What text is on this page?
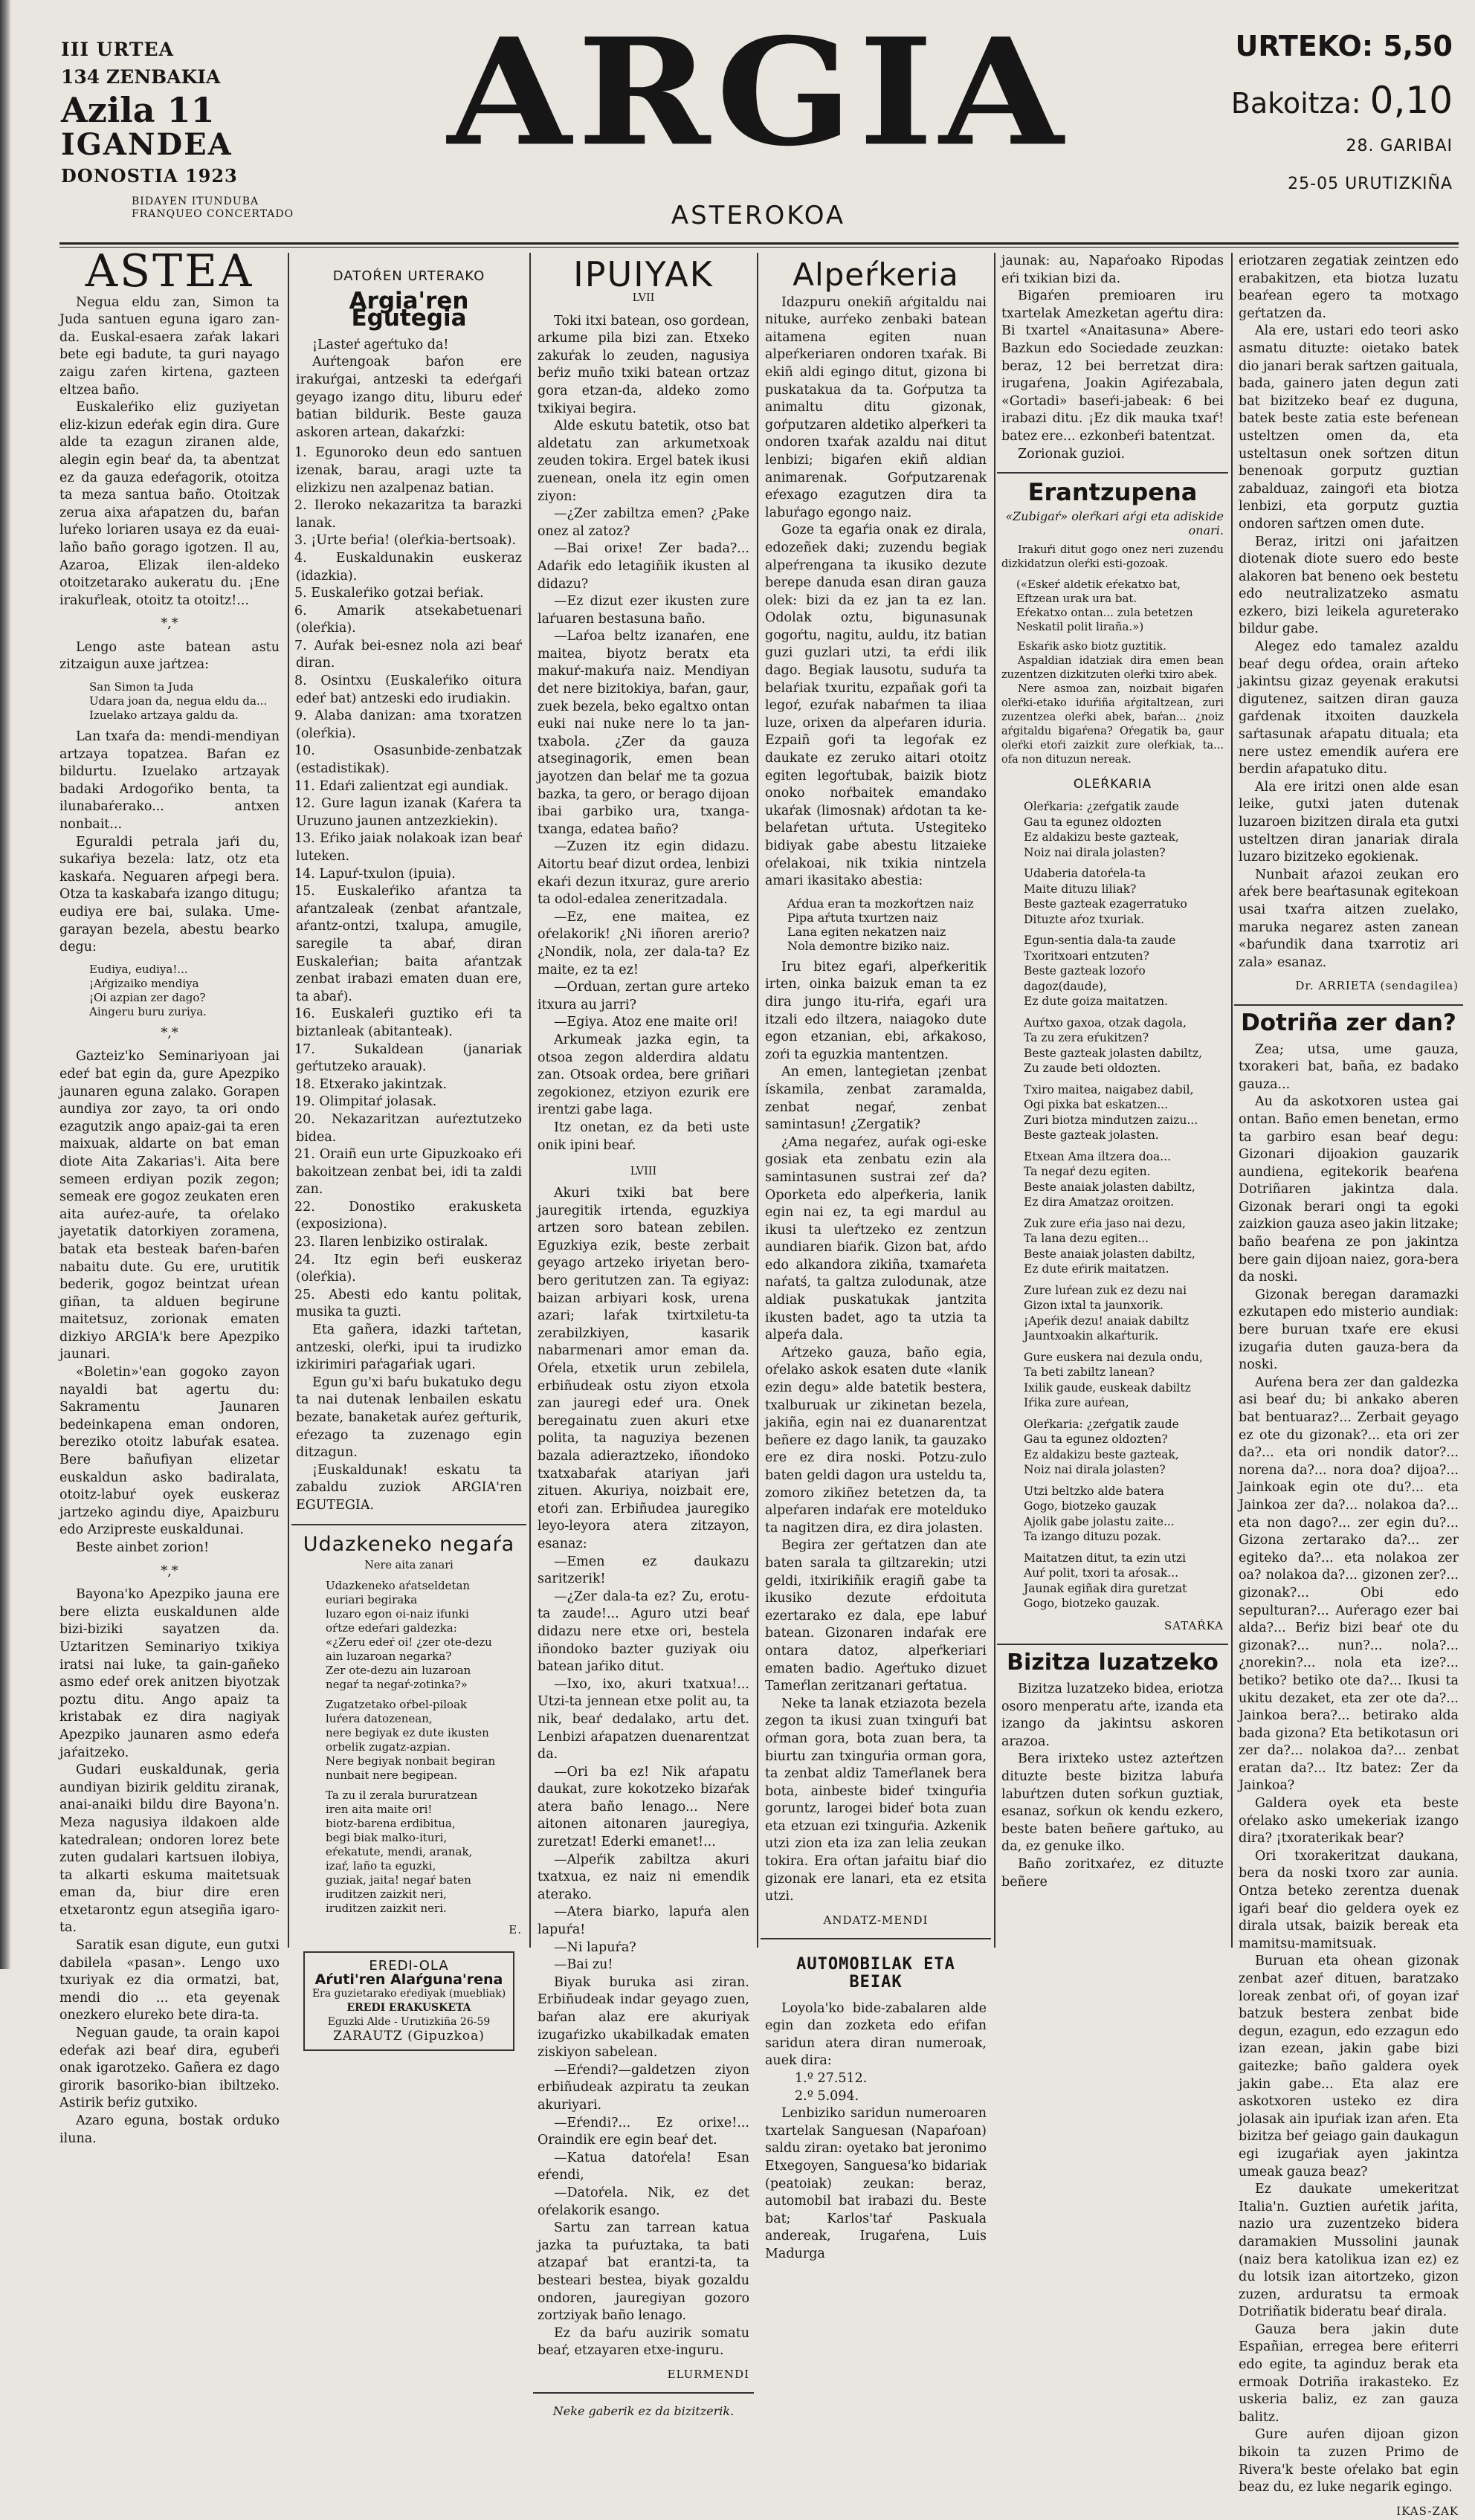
III URTEA
134 ZENBAKIA
Azila 11
IGANDEA
DONOSTIA 1923
BIDAYEN ITUNDUBA
FRANQUEO CONCERTADO
ARGIA
ASTEROKOA
URTEKO: 5,50
Bakoitza: 0,10
28. GARIBAI
25-05 URUTIZKIÑA
ASTEA

Negua eldu zan, Simon ta Juda santuen eguna igaro zan-da. Euskal-esaera zaŕak lakari bete egi badute, ta guri nayago zaigu zaŕen kirtena, gazteen eltzea baño.

Euskaleŕiko eliz guziyetan eliz-kizun edeŕak egin dira. Gure alde ta ezagun ziranen alde, alegin egin beaŕ da, ta abentzat ez da gauza edeŕagorik, otoitza ta meza santua baño. Otoitzak zerua aixa aŕapatzen du, baŕan luŕeko loriaren usaya ez da euai-laño baño gorago igotzen. Il au, Azaroa, Elizak ilen-aldeko otoitzetarako aukeratu du. ¡Ene irakuŕleak, otoitz ta otoitz!...

*,*

Lengo aste batean astu zitzaigun auxe jaŕtzea:

San Simon ta Juda
Udara joan da, negua eldu da...
Izuelako artzaya galdu da.

Lan txaŕa da: mendi-mendiyan artzaya topatzea. Baŕan ez bildurtu. Izuelako artzayak badaki Ardogoŕiko benta, ta ilunabaŕerako... antxen nonbait...

Eguraldi petrala jaŕi du, sukaŕiya bezela: latz, otz eta kaskaŕa. Neguaren aŕpegi bera. Otza ta kaskabaŕa izango ditugu; eudiya ere bai, sulaka. Ume-garayan bezela, abestu bearko degu:

Eudiya, eudiya!...
¡Aŕgizaiko mendiya
¡Oi azpian zer dago?
Aingeru buru zuriya.
*,*

Gazteiz'ko Seminariyoan jai edeŕ bat egin da, gure Apezpiko jaunaren eguna zalako. Gorapen aundiya zor zayo, ta ori ondo ezagutzik ango apaiz-gai ta eren maixuak, aldarte on bat eman diote Aita Zakarias'i. Aita bere semeen erdiyan pozik zegon; semeak ere gogoz zeukaten eren aita auŕez-auŕe, ta oŕelako jayetatik datorkiyen zoramena, batak eta besteak baŕen-baŕen nabaitu dute. Gu ere, urutitik bederik, gogoz beintzat uŕean giñan, ta alduen begirune maitetsuz, zorionak ematen dizkiyo ARGIA'k bere Apezpiko jaunari.

«Boletin»'ean gogoko zayon nayaldi bat agertu du: Sakramentu Jaunaren bedeinkapena eman ondoren, bereziko otoitz labuŕak esatea. Bere bañufiyan elizetar euskaldun asko badiralata, otoitz-labuŕ oyek euskeraz jartzeko agindu diye, Apaizburu edo Arzipreste euskaldunai.

Beste ainbet zorion!

*,*

Bayona'ko Apezpiko jauna ere bere elizta euskaldunen alde bizi-biziki sayatzen da. Uztaritzen Seminariyo txikiya iratsi nai luke, ta gain-gañeko asmo edeŕ orek anitzen biyotzak poztu ditu. Ango apaiz ta kristabak ez dira nagiyak Apezpiko jaunaren asmo edeŕa jaŕaitzeko.

Gudari euskaldunak, geria aundiyan bizirik gelditu ziranak, anai-anaiki bildu dire Bayona'n. Meza nagusiya ildakoen alde katedralean; ondoren lorez bete zuten gudalari kartsuen ilobiya, ta alkarti eskuma maitetsuak eman da, biur dire eren etxetarontz egun atsegiña igaro-ta.

Saratik esan digute, eun gutxi dabilela «pasan». Lengo uxo txuriyak ez dia ormatzi, bat, mendi dio ... eta geyenak onezkero elureko bete dira-ta.

Neguan gaude, ta orain kapoi edeŕak azi beaŕ dira, egubeŕi onak igarotzeko. Gañera ez dago girorik basoriko-bian ibiltzeko. Astirik beŕiz gutxiko.

Azaro eguna, bostak orduko iluna.

DATOŔEN URTERAKO
Argia'ren Egutegia

¡Lasteŕ ageŕtuko da!

Auŕtengoak baŕon ere irakuŕgai, antzeski ta edeŕgaŕi geyago izango ditu, liburu edeŕ batian bildurik. Beste gauza askoren artean, dakaŕzki:

1. Egunoroko deun edo santuen izenak, barau, aragi uzte ta elizkizu nen azalpenaz batian.
2. Ileroko nekazaritza ta barazki lanak.
3. ¡Urte beŕia! (oleŕkia-bertsoak).
4. Euskaldunakin euskeraz (idazkia).
5. Euskaleŕiko gotzai beŕiak.
6. Amarik atsekabetuenari (oleŕkia).
7. Auŕak bei-esnez nola azi beaŕ diran.
8. Osintxu (Euskaleŕiko oitura edeŕ bat) antzeski edo irudiakin.
9. Alaba danizan: ama txoratzen (oleŕkia).
10. Osasunbide-zenbatzak (estadistikak).
11. Edaŕi zalientzat egi aundiak.
12. Gure lagun izanak (Kaŕera ta Uruzuno jaunen antzezkiekin).
13. Eŕiko jaiak nolakoak izan beaŕ luteken.
14. Lapuŕ-txulon (ipuia).
15. Euskaleŕiko aŕantza ta aŕantzaleak (zenbat aŕantzale, aŕantz-ontzi, txalupa, amugile, saregile ta abaŕ, diran Euskaleŕian; baita aŕantzak zenbat irabazi ematen duan ere, ta abaŕ).
16. Euskaleŕi guztiko eŕi ta biztanleak (abitanteak).
17. Sukaldean (janariak geŕtutzeko arauak).
18. Etxerako jakintzak.
19. Olimpitaŕ jolasak.
20. Nekazaritzan auŕeztutzeko bidea.
21. Oraiñ eun urte Gipuzkoako eŕi bakoitzean zenbat bei, idi ta zaldi zan.
22. Donostiko erakusketa (exposiziona).
23. Ilaren lenbiziko ostiralak.
24. Itz egin beŕi euskeraz (oleŕkia).
25. Abesti edo kantu politak, musika ta guzti.

Eta gañera, idazki taŕtetan, antzeski, oleŕki, ipui ta irudizko izkirimiri paŕagaŕiak ugari.

Egun gu'xi baŕu bukatuko degu ta nai dutenak lenbailen eskatu bezate, banaketak auŕez geŕturik, eŕezago ta zuzenago egin ditzagun.

¡Euskaldunak! eskatu ta zabaldu zuziok ARGIA'ren EGUTEGIA.

Udazkeneko negaŕa
Nere aita zanari
Udazkeneko aŕatseldetan
euriari begiraka
luzaro egon oi-naiz ifunki
oŕtze edeŕari galdezka:
«¿Zeru edeŕ oi! ¿zer ote-dezu
ain luzaroan negarka?
Zer ote-dezu ain luzaroan
negaŕ ta negaŕ-zotinka?»

Zugatzetako oŕbel-piloak
luŕera datozenean,
nere begiyak ez dute ikusten
orbelik zugatz-azpian.
Nere begiyak nonbait begiran
nunbait nere begipean.

Ta zu il zerala bururatzean
iren aita maite ori!
biotz-barena erdibitua,
begi biak malko-ituri,
eŕekatute, mendi, aranak,
izaŕ, laño ta eguzki,
guziak, jaita! negaŕ baten
iruditzen zaizkit neri,
iruditzen zaizkit neri.
E.
EREDI-OLA
Aŕuti'ren Alaŕguna'rena
Era guzietarako eŕediyak (muebliak)
EREDI ERAKUSKETA
Eguzki Alde - Urutizkiña 26-59
ZARAUTZ (Gipuzkoa)
IPUIYAK
LVII

Toki itxi batean, oso gordean, arkume pila bizi zan. Etxeko zakuŕak lo zeuden, nagusiya beŕiz muño txiki batean ortzaz gora etzan-da, aldeko zomo txikiyai begira.

Alde eskutu batetik, otso bat aldetatu zan arkumetxoak zeuden tokira. Ergel batek ikusi zuenean, onela itz egin omen ziyon:

—¿Zer zabiltza emen? ¿Pake onez al zatoz?

—Bai orixe! Zer bada?... Adaŕik edo letagiñik ikusten al didazu?

—Ez dizut ezer ikusten zure laŕuaren bestasuna baño.

—Laŕoa beltz izanaŕen, ene maitea, biyotz beratx eta makuŕ-makuŕa naiz. Mendiyan det nere bizitokiya, baŕan, gaur, zuek bezela, beko egaltxo ontan euki nai nuke nere lo ta jan-txabola. ¿Zer da gauza atseginagorik, emen bean jayotzen dan belaŕ me ta gozua bazka, ta gero, or berago dijoan ibai garbiko ura, txanga-txanga, edatea baño?

—Zuzen itz egin didazu. Aitortu beaŕ dizut ordea, lenbizi ekaŕi dezun itxuraz, gure arerio ta odol-edalea zeneritzadala.

—Ez, ene maitea, ez oŕelakorik! ¿Ni iñoren arerio? ¿Nondik, nola, zer dala-ta? Ez maite, ez ta ez!

—Orduan, zertan gure arteko itxura au jarri?

—Egiya. Atoz ene maite ori!

Arkumeak jazka egin, ta otsoa zegon alderdira aldatu zan. Otsoak ordea, bere griñari zegokionez, etziyon ezurik ere irentzi gabe laga.

Itz onetan, ez da beti uste onik ipini beaŕ.

LVIII

Akuri txiki bat bere jauregitik irtenda, eguzkiya artzen soro batean zebilen. Eguzkiya ezik, beste zerbait geyago artzeko iriyetan bero-bero geritutzen zan. Ta egiyaz: baizan arbiyari kosk, urena azari; laŕak txirtxiletu-ta zerabilzkiyen, kasarik nabarmenari amor eman da. Oŕela, etxetik urun zebilela, erbiñudeak ostu ziyon etxola zan jauregi edeŕ ura. Onek beregainatu zuen akuri etxe polita, ta naguziya bezenen bazala adieraztzeko, iñondoko txatxabaŕak atariyan jaŕi zituen. Akuriya, noizbait ere, etoŕi zan. Erbiñudea jauregiko leyo-leyora atera zitzayon, esanaz:

—Emen ez daukazu saritzerik!

—¿Zer dala-ta ez? Zu, erotu-ta zaude!... Aguro utzi beaŕ didazu nere etxe ori, bestela iñondoko bazter guziyak oiu batean jaŕiko ditut.

—Ixo, ixo, akuri txatxua!... Utzi-ta jennean etxe polit au, ta nik, beaŕ dedalako, artu det. Lenbizi aŕapatzen duenarentzat da.

—Ori ba ez! Nik aŕapatu daukat, zure kokotzeko bizaŕak atera baño lenago... Nere aitonen aitonaren jauregiya, zuretzat! Ederki emanet!...

—Alpeŕik zabiltza akuri txatxua, ez naiz ni emendik aterako.

—Atera biarko, lapuŕa alen lapuŕa!

—Ni lapuŕa?

—Bai zu!

Biyak buruka asi ziran. Erbiñudeak indar geyago zuen, baŕan alaz ere akuriyak izugaŕizko ukabilkadak ematen ziskiyon sabelean.

—Eŕendi?—galdetzen ziyon erbiñudeak azpiratu ta zeukan akuriyari.

—Eŕendi?... Ez orixe!... Oraindik ere egin beaŕ det.

—Katua datoŕela! Esan eŕendi,

—Datoŕela. Nik, ez det oŕelakorik esango.

Sartu zan tarrean katua jazka ta puŕuztaka, ta bati atzapaŕ bat erantzi-ta, ta besteari bestea, biyak gozaldu ondoren, jauregiyan gozoro zortziyak baño lenago.

Ez da baŕu auzirik somatu beaŕ, etzayaren etxe-inguru.

ELURMENDI
Neke gaberik ez da bizitzerik.
Alpeŕkeria

Idazpuru onekiñ aŕgitaldu nai nituke, aurŕeko zenbaki batean aitamena egiten nuan alpeŕkeriaren ondoren txaŕak. Bi ekiñ aldi egingo ditut, gizona bi puskatakua da ta. Goŕputza ta animaltu ditu gizonak, goŕputzaren aldetiko alpeŕkeri ta ondoren txaŕak azaldu nai ditut lenbizi; bigaŕen ekiñ aldian animarenak. Goŕputzarenak eŕexago ezagutzen dira ta labuŕago egongo naiz.

Goze ta egaŕia onak ez dirala, edozeñek daki; zuzendu begiak alpeŕrengana ta ikusiko dezute berepe danuda esan diran gauza olek: bizi da ez jan ta ez lan. Odolak oztu, bigunasunak gogoŕtu, nagitu, auldu, itz batian guzi guzlari utzi, ta eŕdi ilik dago. Begiak lausotu, suduŕa ta belaŕiak txuritu, ezpañak goŕi ta legoŕ, ezuŕak nabaŕmen ta iliaa luze, orixen da alpeŕaren iduria. Ezpaiñ goŕi ta legoŕak ez daukate ez zeruko aitari otoitz egiten legoŕtubak, baizik biotz onoko noŕbaitek emandako ukaŕak (limosnak) aŕdotan ta ke-belaŕetan uŕtuta. Ustegiteko bidiyak gabe abestu litzaieke oŕelakoai, nik txikia nintzela amari ikasitako abestia:

Aŕdua eran ta mozkoŕtzen naiz
Pipa aŕtuta txurtzen naiz
Lana egiten nekatzen naiz
Nola demontre biziko naiz.

Iru bitez egaŕi, alpeŕkeritik irten, oinka baizuk eman ta ez dira jungo itu-riŕa, egaŕi ura itzali edo iltzera, naiagoko dute egon etzanian, ebi, aŕkakoso, zoŕi ta eguzkia mantentzen.

An emen, lantegietan ¡zenbat ískamila, zenbat zaramalda, zenbat negaŕ, zenbat samintasun! ¿Zergatik?

¿Ama negaŕez, auŕak ogi-eske gosiak eta zenbatu ezin ala samintasunen sustrai zeŕ da? Oporketa edo alpeŕkeria, lanik egin nai ez, ta egi mardul au ikusi ta uleŕtzeko ez zentzun aundiaren biaŕik. Gizon bat, aŕdo edo alkandora zikiña, txamaŕeta naŕatś, ta galtza zulodunak, atze aldiak puskatukak jantzita ikusten badet, ago ta utzia ta alpeŕa dala.

Aŕtzeko gauza, baño egia, oŕelako askok esaten dute «lanik ezin degu» alde batetik bestera, txalburuak ur zikinetan bezela, jakiña, egin nai ez duanarentzat beñere ez dago lanik, ta gauzako ere ez dira noski. Potzu-zulo baten geldi dagon ura usteldu ta, zomoro zikiñez betetzen da, ta alpeŕaren indaŕak ere motelduko ta nagitzen dira, ez dira jolasten.

Begira zer geŕtatzen dan ate baten sarala ta giltzarekin; utzi geldi, itxirikiñik eragiñ gabe ta ikusiko dezute eŕdoituta ezertarako ez dala, epe labuŕ batean. Gizonaren indaŕak ere ontara datoz, alpeŕkeriari ematen badio. Ageŕtuko dizuet Tameŕlan zeritzanari geŕtatua.

Neke ta lanak etziazota bezela zegon ta ikusi zuan txinguŕi bat oŕman gora, bota zuan bera, ta biurtu zan txinguŕia orman gora, ta zenbat aldiz Tameŕlanek bera bota, ainbeste bideŕ txinguŕia goruntz, larogei bideŕ bota zuan eta etzuan ezi txinguŕia. Azkenik utzi zion eta iza zan lelia zeukan tokira. Era oŕtan jaŕaitu biaŕ dio gizonak ere lanari, eta ez etsita utzi.

ANDATZ-MENDI
AUTOMOBILAK ETA BEIAK

Loyola'ko bide-zabalaren alde egin dan zozketa edo eŕifan saridun atera diran numeroak, auek dira:

1.º 27.512.
2.º 5.094.

Lenbiziko saridun numeroaren txartelak Sanguesan (Napaŕoan) saldu ziran: oyetako bat jeronimo Etxegoyen, Sanguesa'ko bidariak (peatoiak) zeukan: beraz, automobil bat irabazi du. Beste bat; Karlos'taŕ Paskuala andereak, Irugaŕena, Luis Madurga

jaunak: au, Napaŕoako Ripodas eŕi txikian bizi da.

Bigaŕen premioaren iru txartelak Amezketan ageŕtu dira: Bi txartel «Anaitasuna» Abere-Bazkun edo Sociedade zeuzkan: beraz, 12 bei berretzat dira: irugaŕena, Joakin Agiŕezabala, «Gortadi» baseŕi-jabeak: 6 bei irabazi ditu. ¡Ez dik mauka txaŕ! batez ere... ezkonbeŕi batentzat.

Zorionak guzioi.

Erantzupena
«Zubigaŕ» oleŕkari aŕgi eta adiskide onari.

Irakuŕi ditut gogo onez neri zuzendu dizkidatzun oleŕki esti-gozoak.

(«Eskeŕ aldetik eŕekatxo bat,
Eftzean urak ura bat.
Eŕekatxo ontan... zula betetzen
Neskatil polit liraña.»)

Eskaŕik asko biotz guztitik.

Aspaldian idatziak dira emen bean zuzentzen dizkitzuten oleŕki txiro abek.

Nere asmoa zan, noizbait bigaŕen oleŕki-etako iduŕiña aŕgitaltzean, zuri zuzentzea oleŕki abek, baŕan... ¿noiz aŕgitaldu bigaŕena? Oŕegatik ba, gaur oleŕki etoŕi zaizkit zure oleŕkiak, ta... ofa non dituzun nereak.

OLEŔKARIA
Oleŕkaria: ¿zeŕgatik zaude
Gau ta egunez oldozten
Ez aldakizu beste gazteak,
Noiz nai dirala jolasten?

Udaberia datoŕela-ta
Maite dituzu liliak?
Beste gazteak ezagerratuko
Dituzte aŕoz txuriak.

Egun-sentia dala-ta zaude
Txoritxoari entzuten?
Beste gazteak lozoŕo dagoz(daude),
Ez dute goiza maitatzen.

Auŕtxo gaxoa, otzak dagola,
Ta zu zera eŕukitzen?
Beste gazteak jolasten dabiltz,
Zu zaude beti oldozten.

Txiro maitea, naigabez dabil,
Ogi pixka bat eskatzen...
Zuri biotza mindutzen zaizu...
Beste gazteak jolasten.

Etxean Ama iltzera doa...
Ta negaŕ dezu egiten.
Beste anaiak jolasten dabiltz,
Ez dira Amatzaz oroitzen.

Zuk zure eŕia jaso nai dezu,
Ta lana dezu egiten...
Beste anaiak jolasten dabiltz,
Ez dute eŕirik maitatzen.

Zure luŕean zuk ez dezu nai
Gizon ixtal ta jaunxorik.
¡Apeŕik dezu! anaiak dabiltz
Jauntxoakin alkaŕturik.

Gure euskera nai dezula ondu,
Ta beti zabiltz lanean?
Ixilik gaude, euskeak dabiltz
Iŕika zure auŕean,

Oleŕkaria: ¿zeŕgatik zaude
Gau ta egunez oldozten?
Ez aldakizu beste gazteak,
Noiz nai dirala jolasten?

Utzi beltzko alde batera
Gogo, biotzeko gauzak
Ajolik gabe jolastu zaite...
Ta izango dituzu pozak.

Maitatzen ditut, ta ezin utzi
Auŕ polit, txori ta aŕosak...
Jaunak egiñak dira guretzat
Gogo, biotzeko gauzak.
SATAŔKA
Bizitza luzatzeko

Bizitza luzatzeko bidea, eriotza osoro menperatu aŕte, izanda eta izango da jakintsu askoren arazoa.

Bera irixteko ustez azteŕtzen dituzte beste bizitza labuŕa labuŕtzen duten soŕkun guztiak, esanaz, soŕkun ok kendu ezkero, beste baten beñere gaŕtuko, au da, ez genuke ilko.

Baño zoritxaŕez, ez dituzte beñere

eriotzaren zegatiak zeintzen edo erabakitzen, eta biotza luzatu beaŕean egero ta motxago geŕtatzen da.

Ala ere, ustari edo teori asko asmatu dituzte: oietako batek dio janari berak saŕtzen gaituala, bada, gainero jaten degun zati bat bizitzeko beaŕ ez duguna, batek beste zatia este beŕenean usteltzen omen da, eta usteltasun onek soŕtzen ditun benenoak gorputz guztian zabalduaz, zaingoŕi eta biotza lenbizi, eta gorputz guztia ondoren saŕtzen omen dute.

Beraz, iritzi oni jaŕaitzen diotenak diote suero edo beste alakoren bat beneno oek bestetu edo neutralizatzeko asmatu ezkero, bizi leikela agureterako bildur gabe.

Alegez edo tamalez azaldu beaŕ degu oŕdea, orain aŕteko jakintsu gizaz geyenak erakutsi digutenez, saitzen diran gauza gaŕdenak itxoiten dauzkela saŕtasunak aŕapatu dituala; eta nere ustez emendik auŕera ere berdin aŕapatuko ditu.

Ala ere iritzi onen alde esan leike, gutxi jaten dutenak luzaroen bizitzen dirala eta gutxi usteltzen diran janariak dirala luzaro bizitzeko egokienak.

Nunbait aŕazoi zeukan ero aŕek bere beaŕtasunak egitekoan usai txaŕra aitzen zuelako, maruka negarez asten zanean «baŕundik dana txarrotiz ari zala» esanaz.

Dr. ARRIETA (sendagilea)
Dotriña zer dan?

Zea; utsa, ume gauza, txorakeri bat, baña, ez badako gauza...

Au da askotxoren ustea gai ontan. Baño emen benetan, ermo ta garbiro esan beaŕ degu: Gizonari dijoakion gauzarik aundiena, egitekorik beaŕena Dotriñaren jakintza dala. Gizonak berari ongi ta egoki zaizkion gauza aseo jakin litzake; baño beaŕena ze pon jakintza bere gain dijoan naiez, gora-bera da noski.

Gizonak beregan daramazki ezkutapen edo misterio aundiak: bere buruan txaŕe ere ekusi izugaŕia duten gauza-bera da noski.

Auŕena bera zer dan galdezka asi beaŕ du; bi ankako aberen bat bentuaraz?... Zerbait geyago ez ote du gizonak?... eta ori zer da?... eta ori nondik dator?... norena da?... nora doa? dijoa?... Jainkoak egin ote du?... eta Jainkoa zer da?... nolakoa da?... eta non dago?... zer egin du?... Gizona zertarako da?... zer egiteko da?... eta nolakoa zer oa? nolakoa da?... gizonen zer?... gizonak?... Obi edo sepulturan?... Auŕerago ezer bai alda?... Beŕiz bizi beaŕ ote du gizonak?... nun?... nola?... ¿norekin?... nola eta ize?... betiko? betiko ote da?... Ikusi ta ukitu dezaket, eta zer ote da?... Jainkoa bera?... betirako alda bada gizona? Eta betikotasun ori zer da?... nolakoa da?... zenbat eratan da?... Itz batez: Zer da Jainkoa?

Galdera oyek eta beste oŕelako asko umekeriak izango dira? ¡txoraterikak bear?

Ori txorakeritzat daukana, bera da noski txoro zar aunia. Ontza beteko zerentza duenak igaŕi beaŕ dio geldera oyek ez dirala utsak, baizik bereak eta mamitsu-mamitsuak.

Buruan eta ohean gizonak zenbat azeŕ dituen, baratzako loreak zenbat oŕi, of goyan izaŕ batzuk bestera zenbat bide degun, ezagun, edo ezzagun edo izan ezean, jakin gabe bizi gaitezke; baño galdera oyek jakin gabe... Eta alaz ere askotxoren usteko ez dira jolasak ain ipuŕiak izan aŕen. Eta bizitza beŕ geiago gain daukagun egi izugaŕiak ayen jakintza umeak gauza beaz?

Ez daukate umekeritzat Italia'n. Guztien auŕetik jaŕita, nazio ura zuzentzeko bidera daramakien Mussolini jaunak (naiz bera katolikua izan ez) ez du lotsik izan aitortzeko, gizon zuzen, arduratsu ta ermoak Dotriñatik bideratu beaŕ dirala.

Gauza bera jakin dute Españian, erregea bere eŕiterri edo egite, ta aginduz berak eta ermoak Dotriña irakasteko. Ez uskeria baliz, ez zan gauza balitz.

Gure auŕen dijoan gizon bikoin ta zuzen Primo de Rivera'k beste oŕelako bat egin beaz du, ez luke negarik egingo.

IKAS-ZAK
